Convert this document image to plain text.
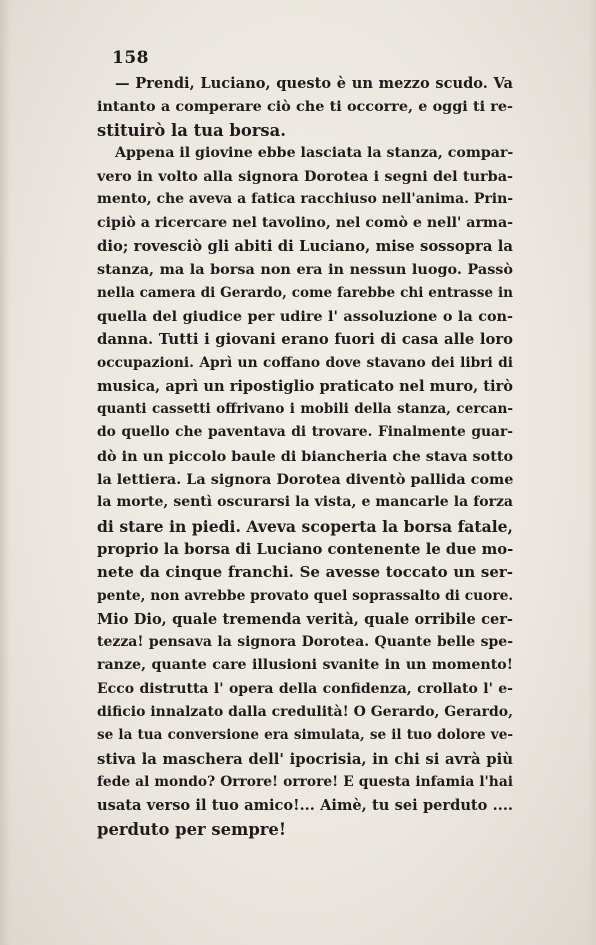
158
— Prendi, Luciano, questo è un mezzo scudo. Va
intanto a comperare ciò che ti occorre, e oggi ti re-
stituirò la tua borsa.
Appena il giovine ebbe lasciata la stanza, compar-
vero in volto alla signora Dorotea i segni del turba-
mento, che aveva a fatica racchiuso nell'anima. Prin-
cipiò a ricercare nel tavolino, nel comò e nell' arma-
dio; rovesciò gli abiti di Luciano, mise sossopra la
stanza, ma la borsa non era in nessun luogo. Passò
nella camera di Gerardo, come farebbe chi entrasse in
quella del giudice per udire l' assoluzione o la con-
danna. Tutti i giovani erano fuori di casa alle loro
occupazioni. Aprì un coffano dove stavano dei libri di
musica, aprì un ripostiglio praticato nel muro, tirò
quanti cassetti offrivano i mobili della stanza, cercan-
do quello che paventava di trovare. Finalmente guar-
dò in un piccolo baule di biancheria che stava sotto
la lettiera. La signora Dorotea diventò pallida come
la morte, sentì oscurarsi la vista, e mancarle la forza
di stare in piedi. Aveva scoperta la borsa fatale,
proprio la borsa di Luciano contenente le due mo-
nete da cinque franchi. Se avesse toccato un ser-
pente, non avrebbe provato quel soprassalto di cuore.
Mio Dio, quale tremenda verità, quale orribile cer-
tezza! pensava la signora Dorotea. Quante belle spe-
ranze, quante care illusioni svanite in un momento!
Ecco distrutta l' opera della confidenza, crollato l' e-
dificio innalzato dalla credulità! O Gerardo, Gerardo,
se la tua conversione era simulata, se il tuo dolore ve-
stiva la maschera dell' ipocrisia, in chi si avrà più
fede al mondo? Orrore! orrore! E questa infamia l'hai
usata verso il tuo amico!... Aimè, tu sei perduto ....
perduto per sempre!
